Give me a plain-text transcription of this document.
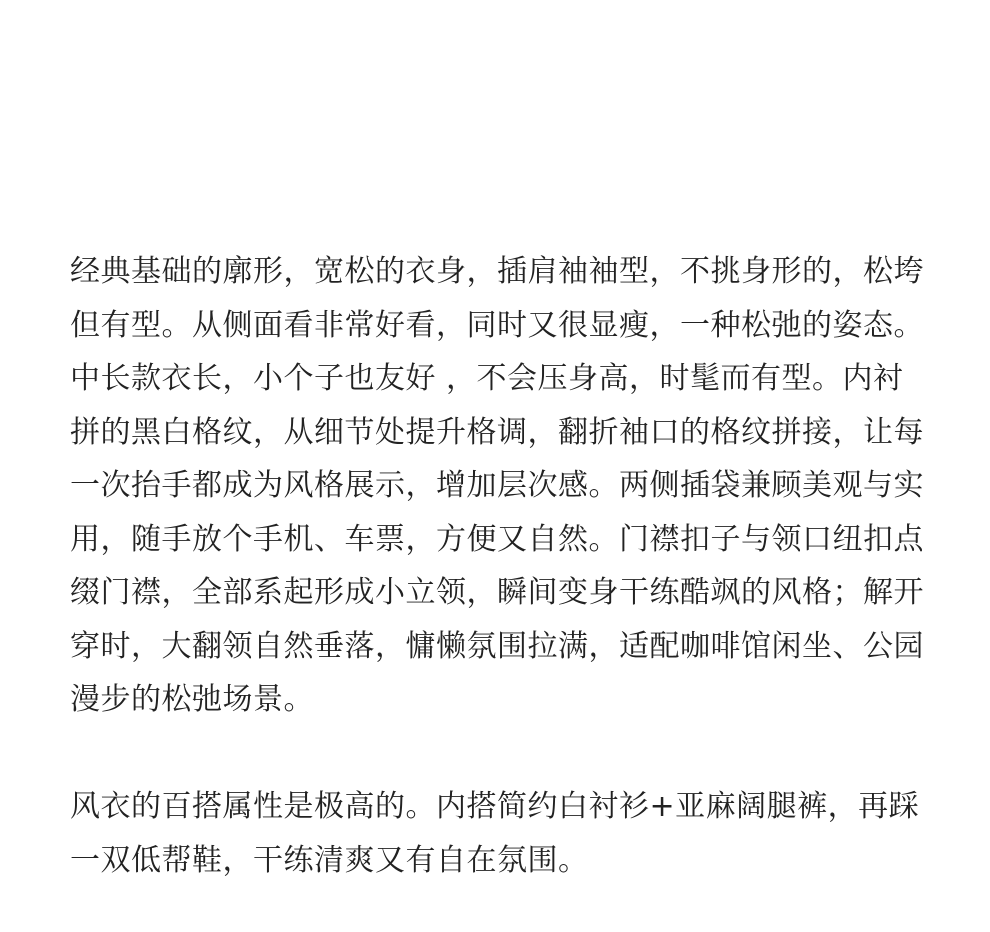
经典基础的廓形，宽松的衣身，插肩袖袖型，不挑身形的，松垮但有型。从侧面看非常好看，同时又很显瘦，一种松弛的姿态。中长款衣长，小个子也友好 ，不会压身高，时髦而有型。内衬拼的黑白格纹，从细节处提升格调，翻折袖口的格纹拼接，让每一次抬手都成为风格展示，增加层次感。两侧插袋兼顾美观与实用，随手放个手机、车票，方便又自然。门襟扣子与领口纽扣点缀门襟，全部系起形成小立领，瞬间变身干练酷飒的风格；解开穿时，大翻领自然垂落，慵懒氛围拉满，适配咖啡馆闲坐、公园漫步的松弛场景。

风衣的百搭属性是极高的。内搭简约白衬衫+亚麻阔腿裤，再踩一双低帮鞋，干练清爽又有自在氛围。
